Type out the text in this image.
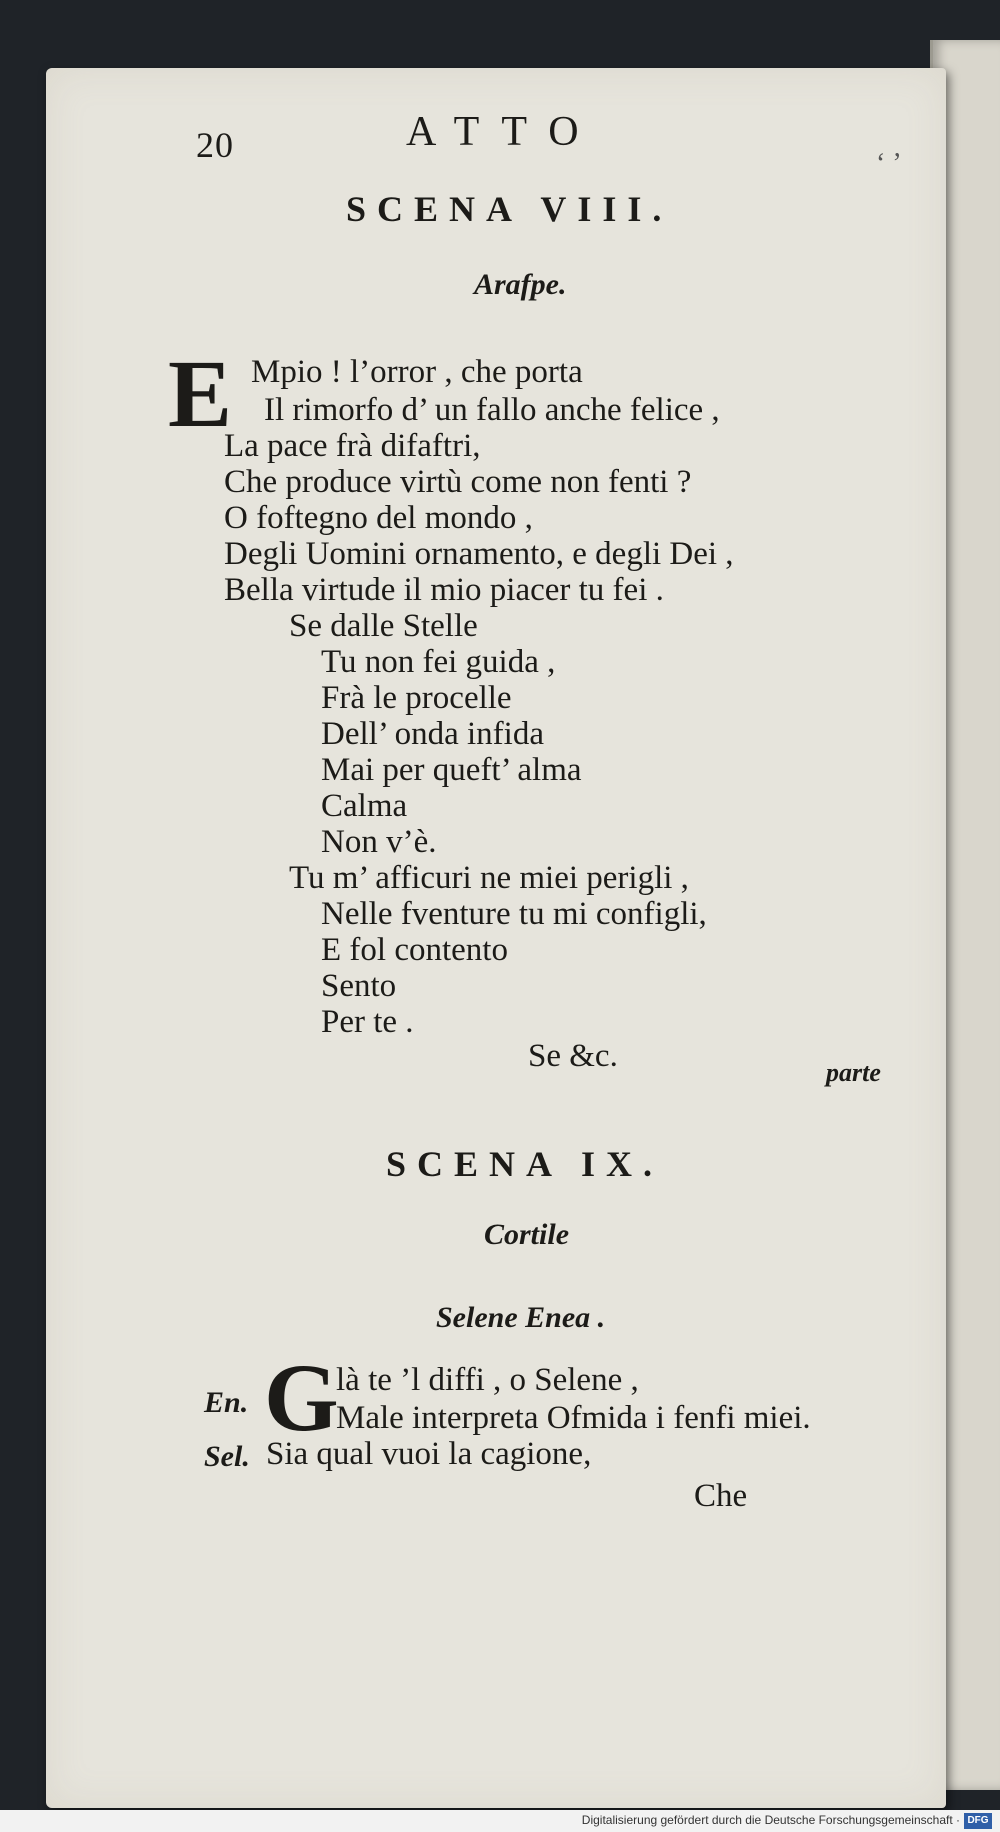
20	ATTO
‘ ’
SCENA VIII.
Arafpe.
E Mpio ! l’orror , che porta
Il rimorfo d’ un fallo anche felice ,
La pace frà difaftri,
Che produce virtù come non fenti ?
O foftegno del mondo ,
Degli Uomini ornamento, e degli Dei ,
Bella virtude il mio piacer tu fei .
Se dalle Stelle
Tu non fei guida ,
Frà le procelle
Dell’ onda infida
Mai per queft’ alma
Calma
Non v’è.
Tu m’ afficuri ne miei perigli ,
Nelle fventure tu mi configli,
E fol contento
Sento
Per te .
Se &c.	parte
SCENA IX.
Cortile
Selene Enea .
En. G
là te ’l diffi , o Selene ,
Male interpreta Ofmida i fenfi miei.
Sel. Sia qual vuoi la cagione,
Che
Digitalisierung gefördert durch die Deutsche Forschungsgemeinschaft · DFG
